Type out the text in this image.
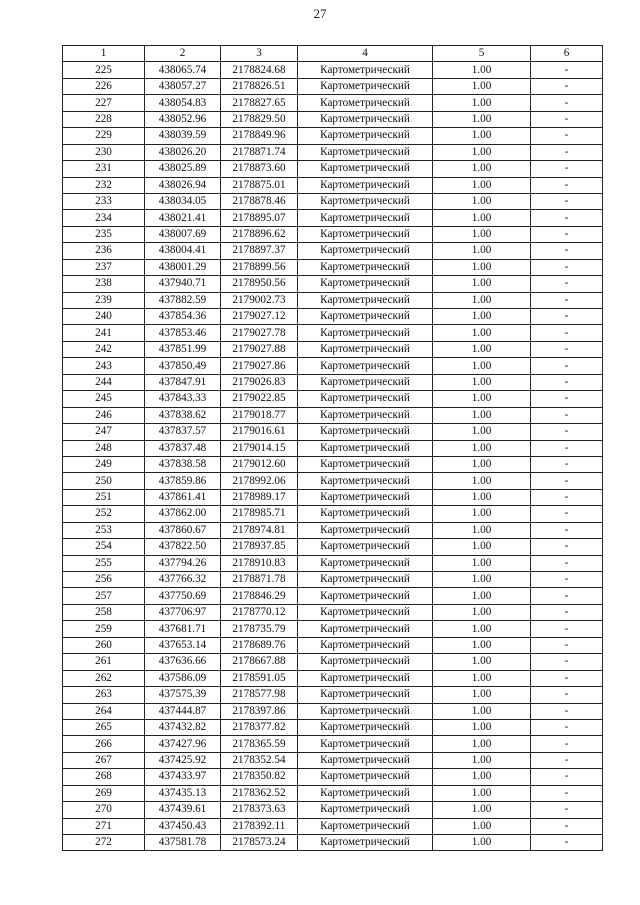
27
1	2	3	4	5	6
225	438065.74	2178824.68	Картометрический	1.00	-
226	438057.27	2178826.51	Картометрический	1.00	-
227	438054.83	2178827.65	Картометрический	1.00	-
228	438052.96	2178829.50	Картометрический	1.00	-
229	438039.59	2178849.96	Картометрический	1.00	-
230	438026.20	2178871.74	Картометрический	1.00	-
231	438025.89	2178873.60	Картометрический	1.00	-
232	438026.94	2178875.01	Картометрический	1.00	-
233	438034.05	2178878.46	Картометрический	1.00	-
234	438021.41	2178895.07	Картометрический	1.00	-
235	438007.69	2178896.62	Картометрический	1.00	-
236	438004.41	2178897.37	Картометрический	1.00	-
237	438001.29	2178899.56	Картометрический	1.00	-
238	437940.71	2178950.56	Картометрический	1.00	-
239	437882.59	2179002.73	Картометрический	1.00	-
240	437854.36	2179027.12	Картометрический	1.00	-
241	437853.46	2179027.78	Картометрический	1.00	-
242	437851.99	2179027.88	Картометрический	1.00	-
243	437850.49	2179027.86	Картометрический	1.00	-
244	437847.91	2179026.83	Картометрический	1.00	-
245	437843.33	2179022.85	Картометрический	1.00	-
246	437838.62	2179018.77	Картометрический	1.00	-
247	437837.57	2179016.61	Картометрический	1.00	-
248	437837.48	2179014.15	Картометрический	1.00	-
249	437838.58	2179012.60	Картометрический	1.00	-
250	437859.86	2178992.06	Картометрический	1.00	-
251	437861.41	2178989.17	Картометрический	1.00	-
252	437862.00	2178985.71	Картометрический	1.00	-
253	437860.67	2178974.81	Картометрический	1.00	-
254	437822.50	2178937.85	Картометрический	1.00	-
255	437794.26	2178910.83	Картометрический	1.00	-
256	437766.32	2178871.78	Картометрический	1.00	-
257	437750.69	2178846.29	Картометрический	1.00	-
258	437706.97	2178770.12	Картометрический	1.00	-
259	437681.71	2178735.79	Картометрический	1.00	-
260	437653.14	2178689.76	Картометрический	1.00	-
261	437636.66	2178667.88	Картометрический	1.00	-
262	437586.09	2178591.05	Картометрический	1.00	-
263	437575.39	2178577.98	Картометрический	1.00	-
264	437444.87	2178397.86	Картометрический	1.00	-
265	437432.82	2178377.82	Картометрический	1.00	-
266	437427.96	2178365.59	Картометрический	1.00	-
267	437425.92	2178352.54	Картометрический	1.00	-
268	437433.97	2178350.82	Картометрический	1.00	-
269	437435.13	2178362.52	Картометрический	1.00	-
270	437439.61	2178373.63	Картометрический	1.00	-
271	437450.43	2178392.11	Картометрический	1.00	-
272	437581.78	2178573.24	Картометрический	1.00	-
